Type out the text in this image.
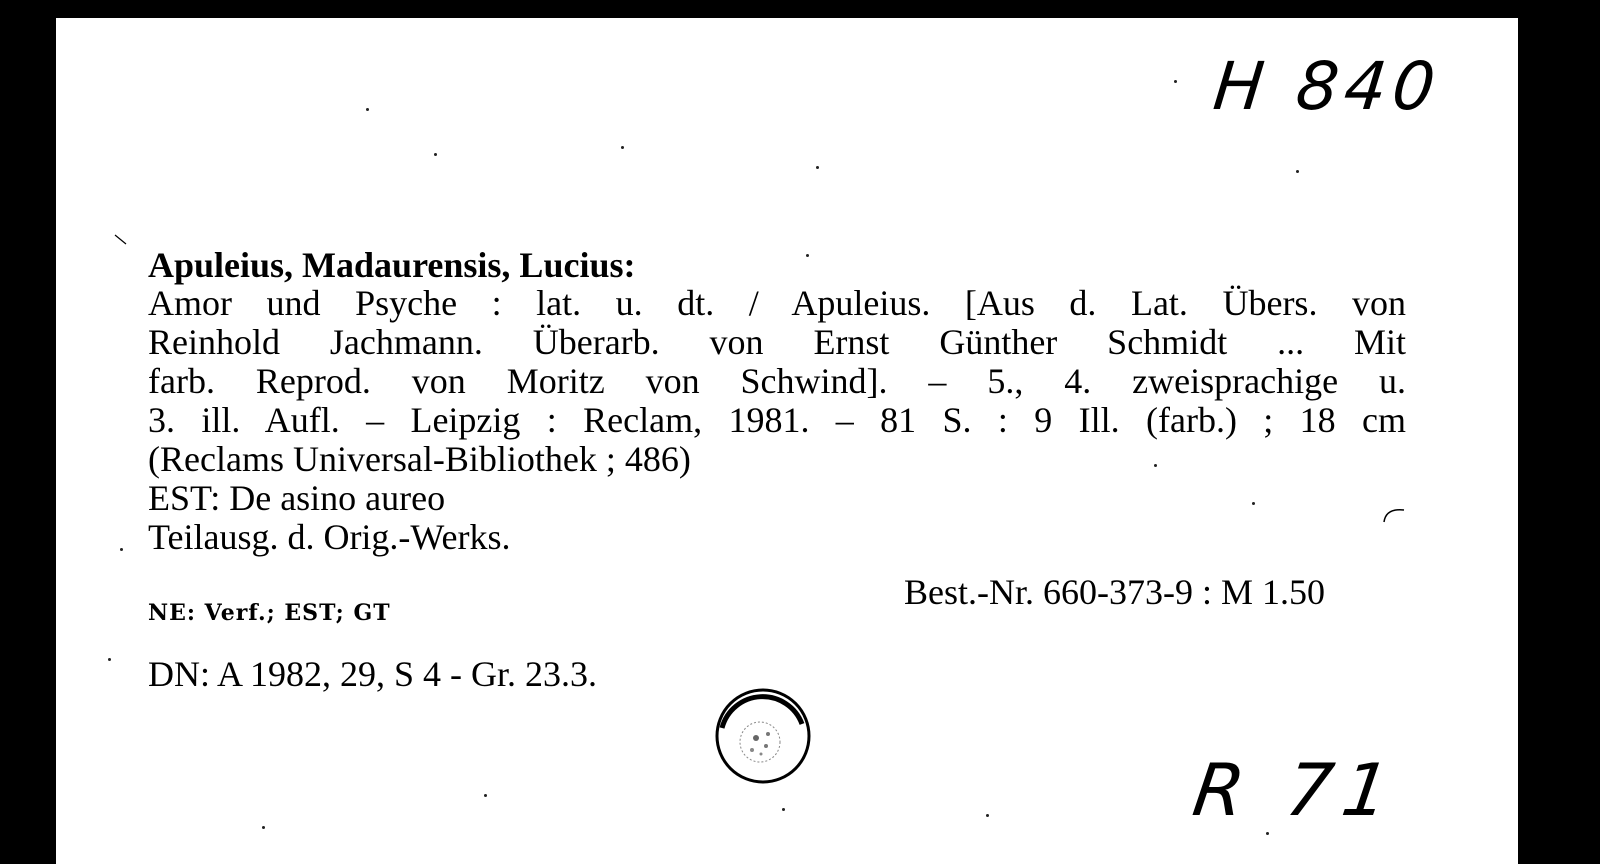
H 840

Apuleius, Madaurensis, Lucius:

Amor und Psyche : lat. u. dt. / Apuleius. [Aus d. Lat. Übers. von
Reinhold Jachmann. Überarb. von Ernst Günther Schmidt ... Mit
farb. Reprod. von Moritz von Schwind]. – 5., 4. zweisprachige u.
3. ill. Aufl. – Leipzig : Reclam, 1981. – 81 S. : 9 Ill. (farb.) ; 18 cm
(Reclams Universal-Bibliothek ; 486)
EST: De asino aureo
Teilausg. d. Orig.-Werks.
Best.-Nr. 660-373-9 : M 1.50
NE: Verf.; EST; GT
DN: A 1982, 29, S 4 - Gr. 23.3.
R 71
